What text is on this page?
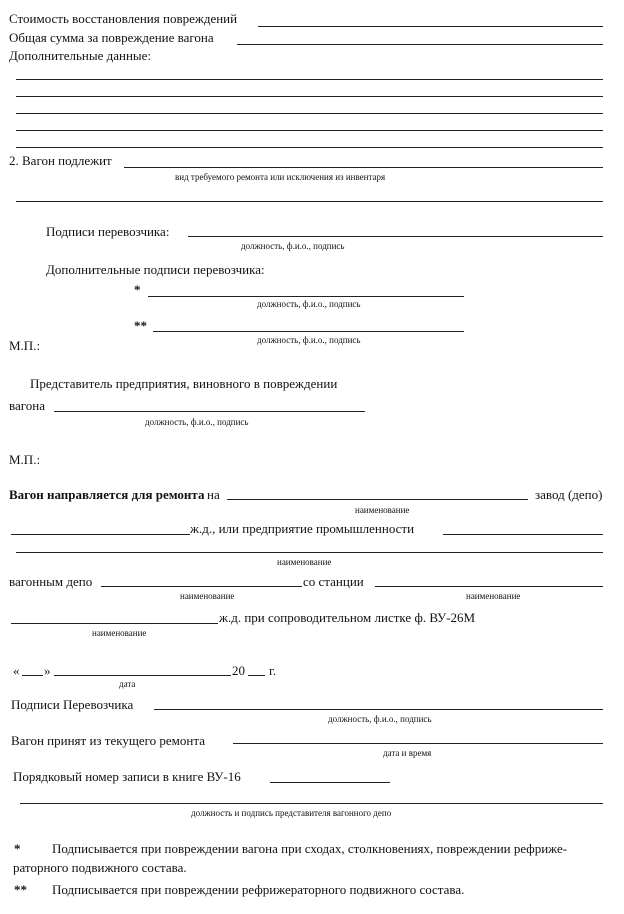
Стоимость восстановления повреждений
Общая сумма за повреждение вагона
Дополнительные данные:
2. Вагон подлежит
вид требуемого ремонта или исключения из инвентаря
Подписи перевозчика:
должность, ф.и.о., подпись
Дополнительные подписи перевозчика:
*
должность, ф.и.о., подпись
**
должность, ф.и.о., подпись
М.П.:
Представитель предприятия, виновного в повреждении
вагона
должность, ф.и.о., подпись
М.П.:
Вагон направляется для ремонта на	завод (депо)
наименование
ж.д., или предприятие промышленности
наименование
вагонным депо	со станции
наименование	наименование
ж.д. при сопроводительном листке ф. ВУ-26М
наименование
« »	20 г.
дата
Подписи Перевозчика
должность, ф.и.о., подпись
Вагон принят из текущего ремонта
дата и время
Порядковый номер записи в книге ВУ-16
должность и подпись представителя вагонного депо
* Подписывается при повреждении вагона при сходах, столкновениях, повреждении рефриже-
раторного подвижного состава.
** Подписывается при повреждении рефрижераторного подвижного состава.
